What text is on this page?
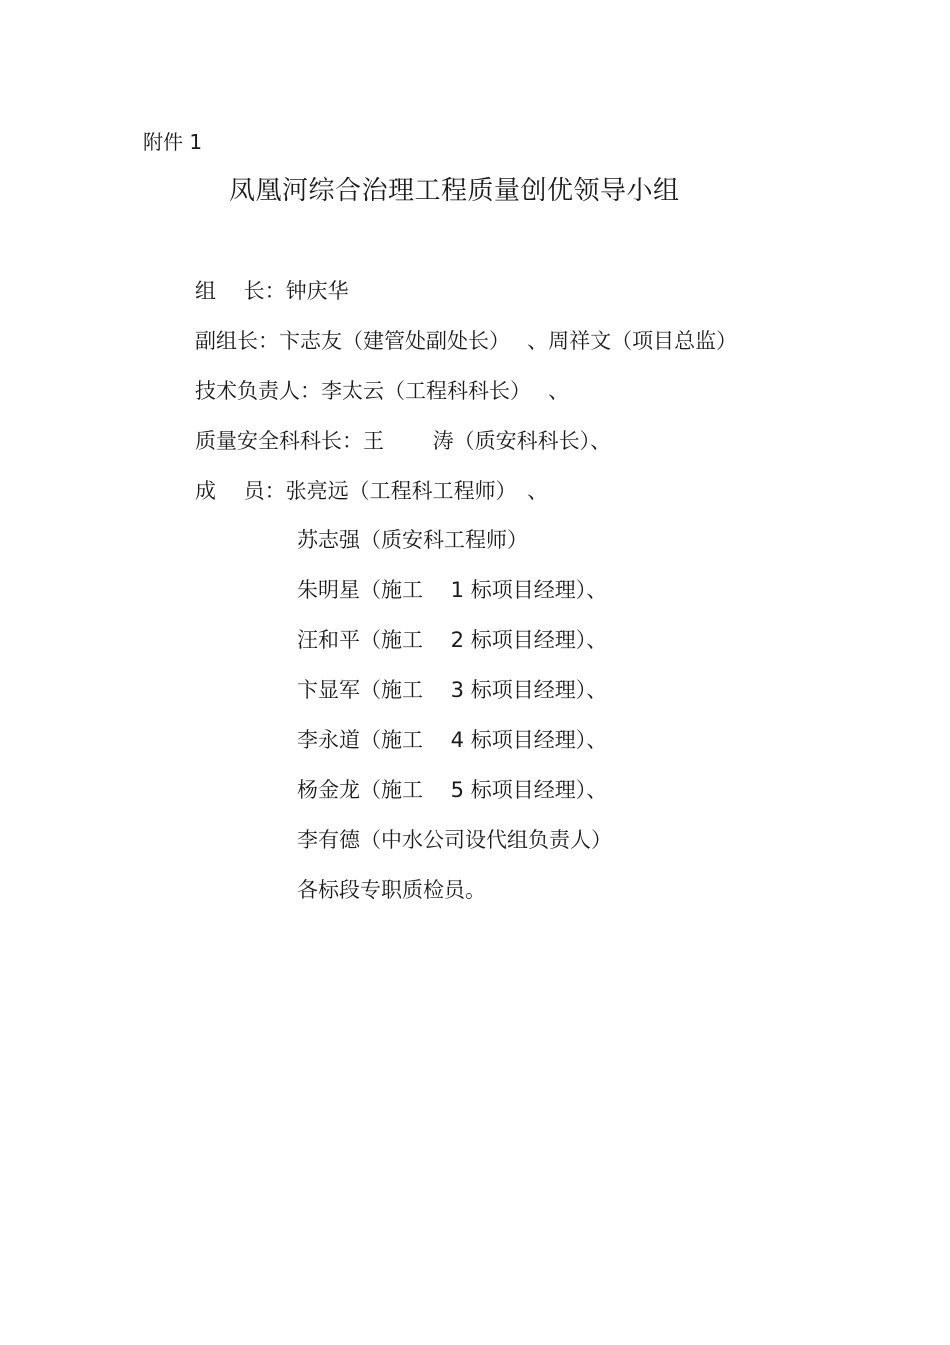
附件 1
凤凰河综合治理工程质量创优领导小组
组　 长：钟庆华
副组长：卞志友（建管处副处长）　 、周祥文（项目总监）
技术负责人：李太云（工程科科长）　 、
质量安全科科长：王　 　涛（质安科科长）、
成　 员：张亮远（工程科工程师）　、
苏志强（质安科工程师）
朱明星（施工　 1 标项目经理）、
汪和平（施工　 2 标项目经理）、
卞显军（施工　 3 标项目经理）、
李永道（施工　 4 标项目经理）、
杨金龙（施工　 5 标项目经理）、
李有德（中水公司设代组负责人）
各标段专职质检员。
